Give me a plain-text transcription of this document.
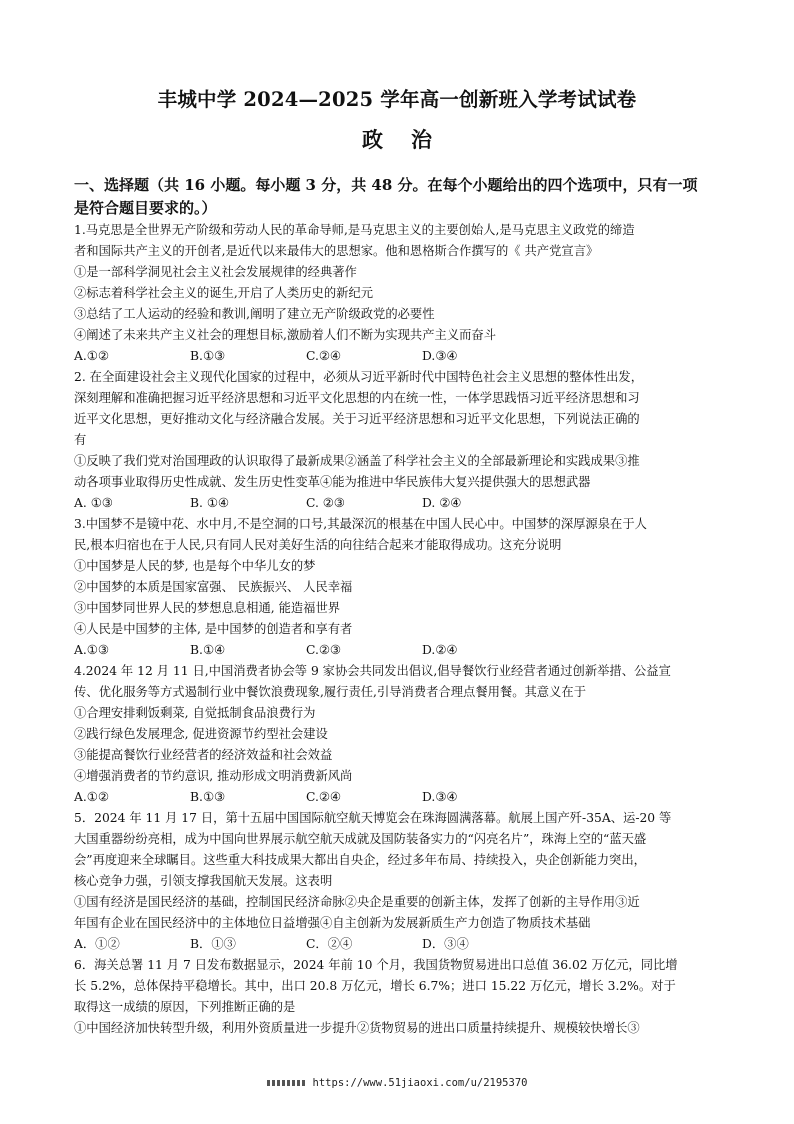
丰城中学 2024—2025 学年高一创新班入学考试试卷
政治
一、选择题（共 16 小题。每小题 3 分，共 48 分。在每个小题给出的四个选项中，只有一项
是符合题目要求的。）
1.马克思是全世界无产阶级和劳动人民的革命导师,是马克思主义的主要创始人,是马克思主义政党的缔造
者和国际共产主义的开创者,是近代以来最伟大的思想家。他和恩格斯合作撰写的《 共产党宣言》
①是一部科学洞见社会主义社会发展规律的经典著作
②标志着科学社会主义的诞生,开启了人类历史的新纪元
③总结了工人运动的经验和教训,阐明了建立无产阶级政党的必要性
④阐述了未来共产主义社会的理想目标,激励着人们不断为实现共产主义而奋斗
A.①②	B.①③	C.②④	D.③④
2. 在全面建设社会主义现代化国家的过程中，必须从习近平新时代中国特色社会主义思想的整体性出发，
深刻理解和准确把握习近平经济思想和习近平文化思想的内在统一性，一体学思践悟习近平经济思想和习
近平文化思想，更好推动文化与经济融合发展。关于习近平经济思想和习近平文化思想，下列说法正确的
有
①反映了我们党对治国理政的认识取得了最新成果②涵盖了科学社会主义的全部最新理论和实践成果③推
动各项事业取得历史性成就、发生历史性变革④能为推进中华民族伟大复兴提供强大的思想武器
A. ①③	B. ①④	C. ②③	D. ②④
3.中国梦不是镜中花、水中月,不是空洞的口号,其最深沉的根基在中国人民心中。中国梦的深厚源泉在于人
民,根本归宿也在于人民,只有同人民对美好生活的向往结合起来才能取得成功。这充分说明
①中国梦是人民的梦, 也是每个中华儿女的梦
②中国梦的本质是国家富强、 民族振兴、 人民幸福
③中国梦同世界人民的梦想息息相通, 能造福世界
④人民是中国梦的主体, 是中国梦的创造者和享有者
A.①③	B.①④	C.②③	D.②④
4.2024 年 12 月 11 日,中国消费者协会等 9 家协会共同发出倡议,倡导餐饮行业经营者通过创新举措、公益宣
传、优化服务等方式遏制行业中餐饮浪费现象,履行责任,引导消费者合理点餐用餐。其意义在于
①合理安排剩饭剩菜, 自觉抵制食品浪费行为
②践行绿色发展理念, 促进资源节约型社会建设
③能提高餐饮行业经营者的经济效益和社会效益
④增强消费者的节约意识, 推动形成文明消费新风尚
A.①②	B.①③	C.②④	D.③④
5．2024 年 11 月 17 日，第十五届中国国际航空航天博览会在珠海圆满落幕。航展上国产歼-35A、运-20 等
大国重器纷纷亮相，成为中国向世界展示航空航天成就及国防装备实力的“闪亮名片”，珠海上空的“蓝天盛
会”再度迎来全球瞩目。这些重大科技成果大都出自央企，经过多年布局、持续投入，央企创新能力突出，
核心竞争力强，引领支撑我国航天发展。这表明
①国有经济是国民经济的基础，控制国民经济命脉②央企是重要的创新主体，发挥了创新的主导作用③近
年国有企业在国民经济中的主体地位日益增强④自主创新为发展新质生产力创造了物质技术基础
A．①②	B．①③	C．②④	D．③④
6．海关总署 11 月 7 日发布数据显示，2024 年前 10 个月，我国货物贸易进出口总值 36.02 万亿元，同比增
长 5.2%，总体保持平稳增长。其中，出口 20.8 万亿元，增长 6.7%；进口 15.22 万亿元，增长 3.2%。对于
取得这一成绩的原因，下列推断正确的是
①中国经济加快转型升级，利用外资质量进一步提升②货物贸易的进出口质量持续提升、规模较快增长③
https://www.51jiaoxi.com/u/2195370
